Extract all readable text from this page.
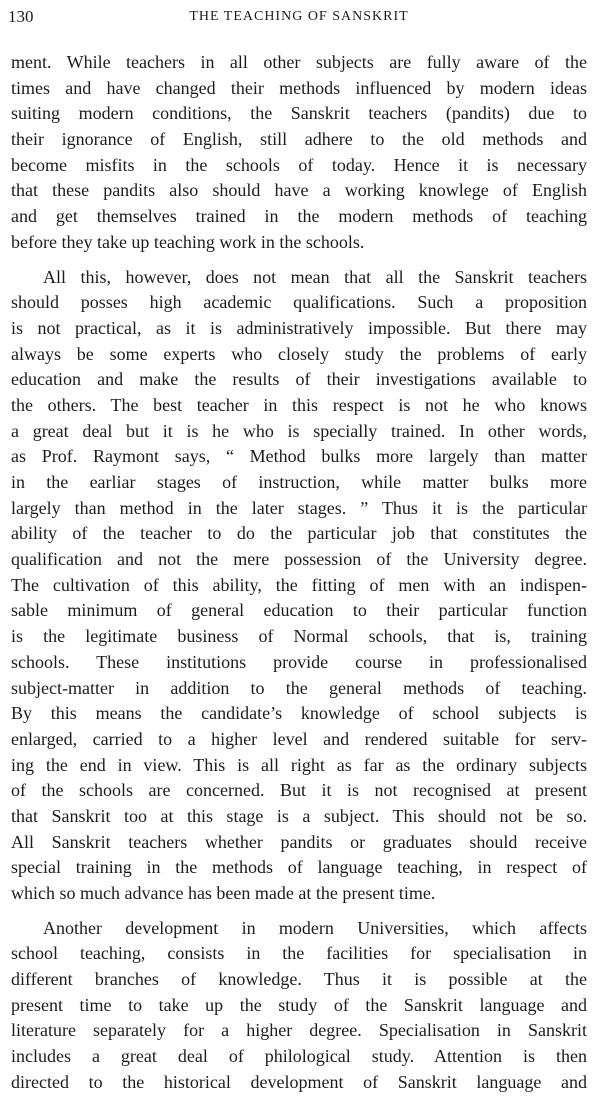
130	THE TEACHING OF SANSKRIT
ment. While teachers in all other subjects are fully aware of the
times and have changed their methods influenced by modern ideas
suiting modern conditions, the Sanskrit teachers (pandits) due to
their ignorance of English, still adhere to the old methods and
become misfits in the schools of today. Hence it is necessary
that these pandits also should have a working knowlege of English
and get themselves trained in the modern methods of teaching
before they take up teaching work in the schools.
All this, however, does not mean that all the Sanskrit teachers
should posses high academic qualifications. Such a proposition
is not practical, as it is administratively impossible. But there may
always be some experts who closely study the problems of early
education and make the results of their investigations available to
the others. The best teacher in this respect is not he who knows
a great deal but it is he who is specially trained. In other words,
as Prof. Raymont says, “ Method bulks more largely than matter
in the earliar stages of instruction, while matter bulks more
largely than method in the later stages. ” Thus it is the particular
ability of the teacher to do the particular job that constitutes the
qualification and not the mere possession of the University degree.
The cultivation of this ability, the fitting of men with an indispen-
sable minimum of general education to their particular function
is the legitimate business of Normal schools, that is, training
schools. These institutions provide course in professionalised
subject-matter in addition to the general methods of teaching.
By this means the candidate’s knowledge of school subjects is
enlarged, carried to a higher level and rendered suitable for serv-
ing the end in view. This is all right as far as the ordinary subjects
of the schools are concerned. But it is not recognised at present
that Sanskrit too at this stage is a subject. This should not be so.
All Sanskrit teachers whether pandits or graduates should receive
special training in the methods of language teaching, in respect of
which so much advance has been made at the present time.
Another development in modern Universities, which affects
school teaching, consists in the facilities for specialisation in
different branches of knowledge. Thus it is possible at the
present time to take up the study of the Sanskrit language and
literature separately for a higher degree. Specialisation in Sanskrit
includes a great deal of philological study. Attention is then
directed to the historical development of Sanskrit language and
